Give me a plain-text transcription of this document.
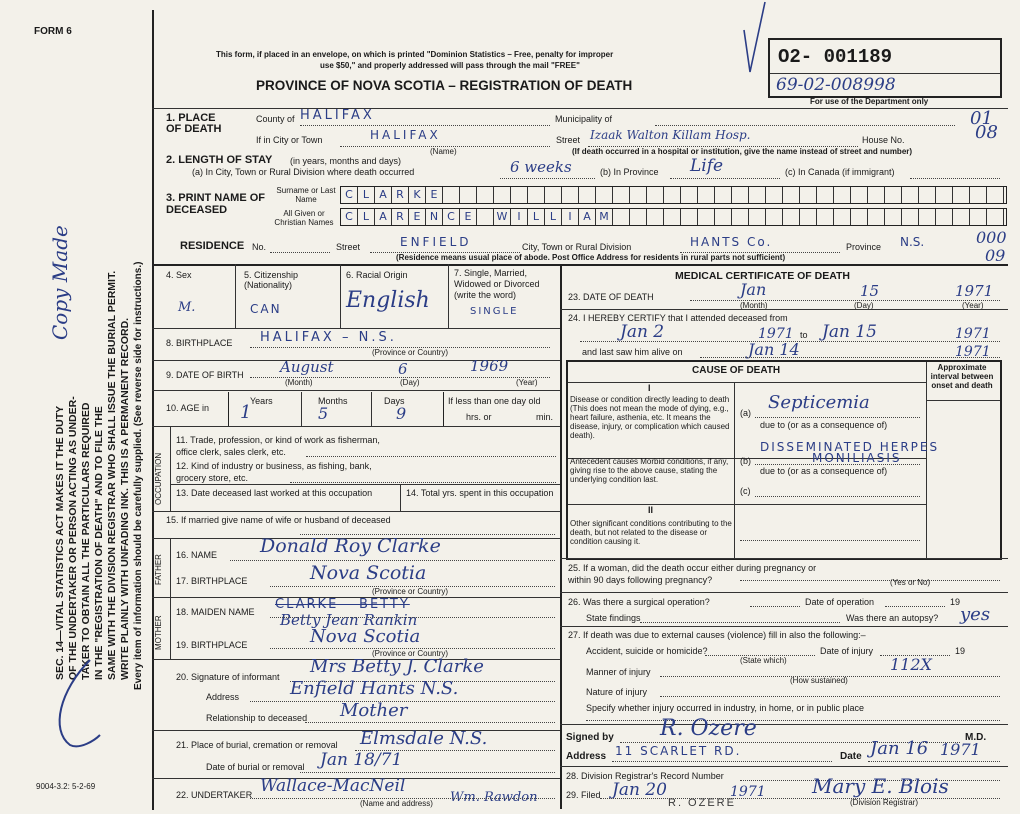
FORM 6
SEC. 14—VITAL STATISTICS ACT MAKES IT THE DUTY OF THE UNDERTAKER OR PERSON ACTING AS UNDER- TAKER TO OBTAIN ALL THE PARTICULARS REQUIRED IN THE "REGISTRATION OF DEATH" AND TO FILE THE SAME WITH THE DIVISION REGISTRAR WHO SHALL ISSUE THE BURIAL PERMIT. WRITE PLAINLY WITH UNFADING INK. THIS IS A PERMANENT RECORD. Every item of information should be carefully supplied. (See reverse side for instructions.)
Copy Made
9004-3.2: 5-2-69
This form, if placed in an envelope, on which is printed "Dominion Statistics – Free, penalty for improper
use $50," and properly addressed will pass through the mail "FREE"
PROVINCE OF NOVA SCOTIA – REGISTRATION OF DEATH
O2- 001189
69-02-008998
For use of the Department only
1. PLACE OF DEATH
County of HALIFAX	Municipality of	01
If in City or Town	HALIFAX
(Name)
Street Izaak Walton Killam Hosp.	House No.	08
(If death occurred in a hospital or institution, give the name instead of street and number)
2. LENGTH OF STAY (in years, months and days)
(a) In City, Town or Rural Division where death occurred	6 weeks	(b) In Province Life	(c) In Canada (if immigrant)
3. PRINT NAME OF DECEASED
Surname or Last Name
All Given or Christian Names
C L A R K E
C L A R E N C E	W I	L L	I	A M
RESIDENCE No.	Street	ENFIELD	City, Town or Rural Division	HANTS Co.	Province N.S.	000
09
(Residence means usual place of abode. Post Office Address for residents in rural parts not sufficient)
4. Sex
M.
5. Citizenship (Nationality)
CAN
6. Racial Origin
English
7. Single, Married, Widowed or Divorced (write the word)
SINGLE
8. BIRTHPLACE HALIFAX – N.S.
(Province or Country)
9. DATE OF BIRTH August	6	1969
(Month)	(Day)	(Year)
10. AGE in
Years	Months	Days
1	5	9
If less than one day old
hrs. or	min.
OCCUPATION
11. Trade, profession, or kind of work as fisherman, office clerk, sales clerk, etc.
12. Kind of industry or business, as fishing, bank, grocery store, etc.
13. Date deceased last worked at this occupation	14. Total yrs. spent in this occupation
15. If married give name of wife or husband of deceased
FATHER 16. NAME Donald Roy Clarke
17. BIRTHPLACE	Nova Scotia
(Province or Country)
MOTHER
18. MAIDEN NAME CLARKE – BETTY
Betty Jean Rankin
19. BIRTHPLACE	Nova Scotia
(Province or Country)
20. Signature of informant Mrs Betty J. Clarke
Address	Enfield Hants N.S.
Relationship to deceased Mother
21. Place of burial, cremation or removal Elmsdale N.S.
Date of burial or removal Jan 18/71
22. UNDERTAKER Wallace-MacNeil
Wm. Rawdon
(Name and address)
MEDICAL CERTIFICATE OF DEATH
23. DATE OF DEATH	Jan	15	1971
(Month)	(Day)	(Year)
24. I HEREBY CERTIFY that I attended deceased from
Jan 2	1971 to Jan 15	1971
and last saw him alive on	Jan 14	1971
CAUSE OF DEATH	Approximate interval between onset and death
I
Disease or condition directly leading to death (This does not mean the mode of dying, e.g., heart failure, asthenia, etc. It means the disease, injury, or complication which caused death).
(a) Septicemia
due to (or as a consequence of)
Antecedent causes Morbid conditions, if any, giving rise to the above cause, stating the underlying condition last.
DISSEMINATED HERPES
MONILIASIS
(b)
due to (or as a consequence of)
(c)
II
Other significant conditions contributing to the death, but not related to the disease or condition causing it.
25. If a woman, did the death occur either during pregnancy or within 90 days following pregnancy?	(Yes or No)
26. Was there a surgical operation?	Date of operation	19
State findings	Was there an autopsy? yes
27. If death was due to external causes (violence) fill in also the following:–
Accident, suicide or homicide?
(State which)
Date of injury	19
Manner of injury	112X
(How sustained)
Nature of injury
Specify whether injury occurred in industry, in home, or in public place
Signed by R. Ozere	M.D.
Address 11 SCARLET RD.	Date Jan 16 1971
28. Division Registrar's Record Number
29. Filed Jan 20	1971 Mary E. Blois
(Division Registrar)
R. OZERE
